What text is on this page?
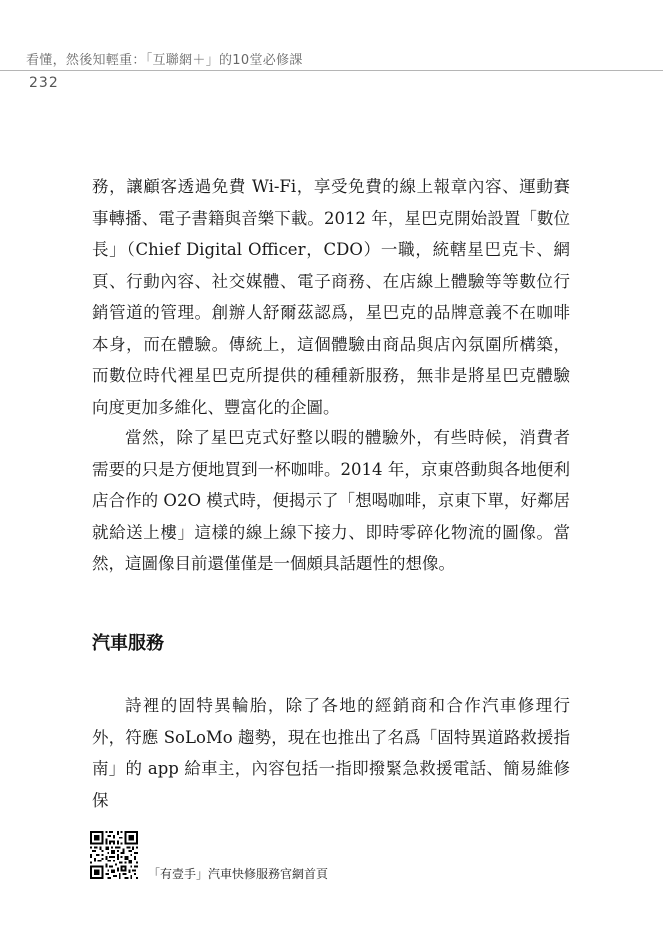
看懂，然後知輕重：「互聯網＋」的10堂必修課
232

務，讓顧客透過免費 Wi-Fi，享受免費的線上報章內容、運動賽事轉播、電子書籍與音樂下載。2012 年，星巴克開始設置「數位長」（Chief Digital Officer，CDO）一職，統轄星巴克卡、網頁、行動內容、社交媒體、電子商務、在店線上體驗等等數位行銷管道的管理。創辦人舒爾茲認爲，星巴克的品牌意義不在咖啡本身，而在體驗。傳統上，這個體驗由商品與店內氛圍所構築，而數位時代裡星巴克所提供的種種新服務，無非是將星巴克體驗向度更加多維化、豐富化的企圖。

當然，除了星巴克式好整以暇的體驗外，有些時候，消費者需要的只是方便地買到一杯咖啡。2014 年，京東啓動與各地便利店合作的 O2O 模式時，便揭示了「想喝咖啡，京東下單，好鄰居就給送上樓」這樣的線上線下接力、即時零碎化物流的圖像。當然，這圖像目前還僅僅是一個頗具話題性的想像。

汽車服務

詩裡的固特異輪胎，除了各地的經銷商和合作汽車修理行外，符應 SoLoMo 趨勢，現在也推出了名爲「固特異道路救援指南」的 app 給車主，內容包括一指即撥緊急救援電話、簡易維修保

「有壹手」汽車快修服務官網首頁
